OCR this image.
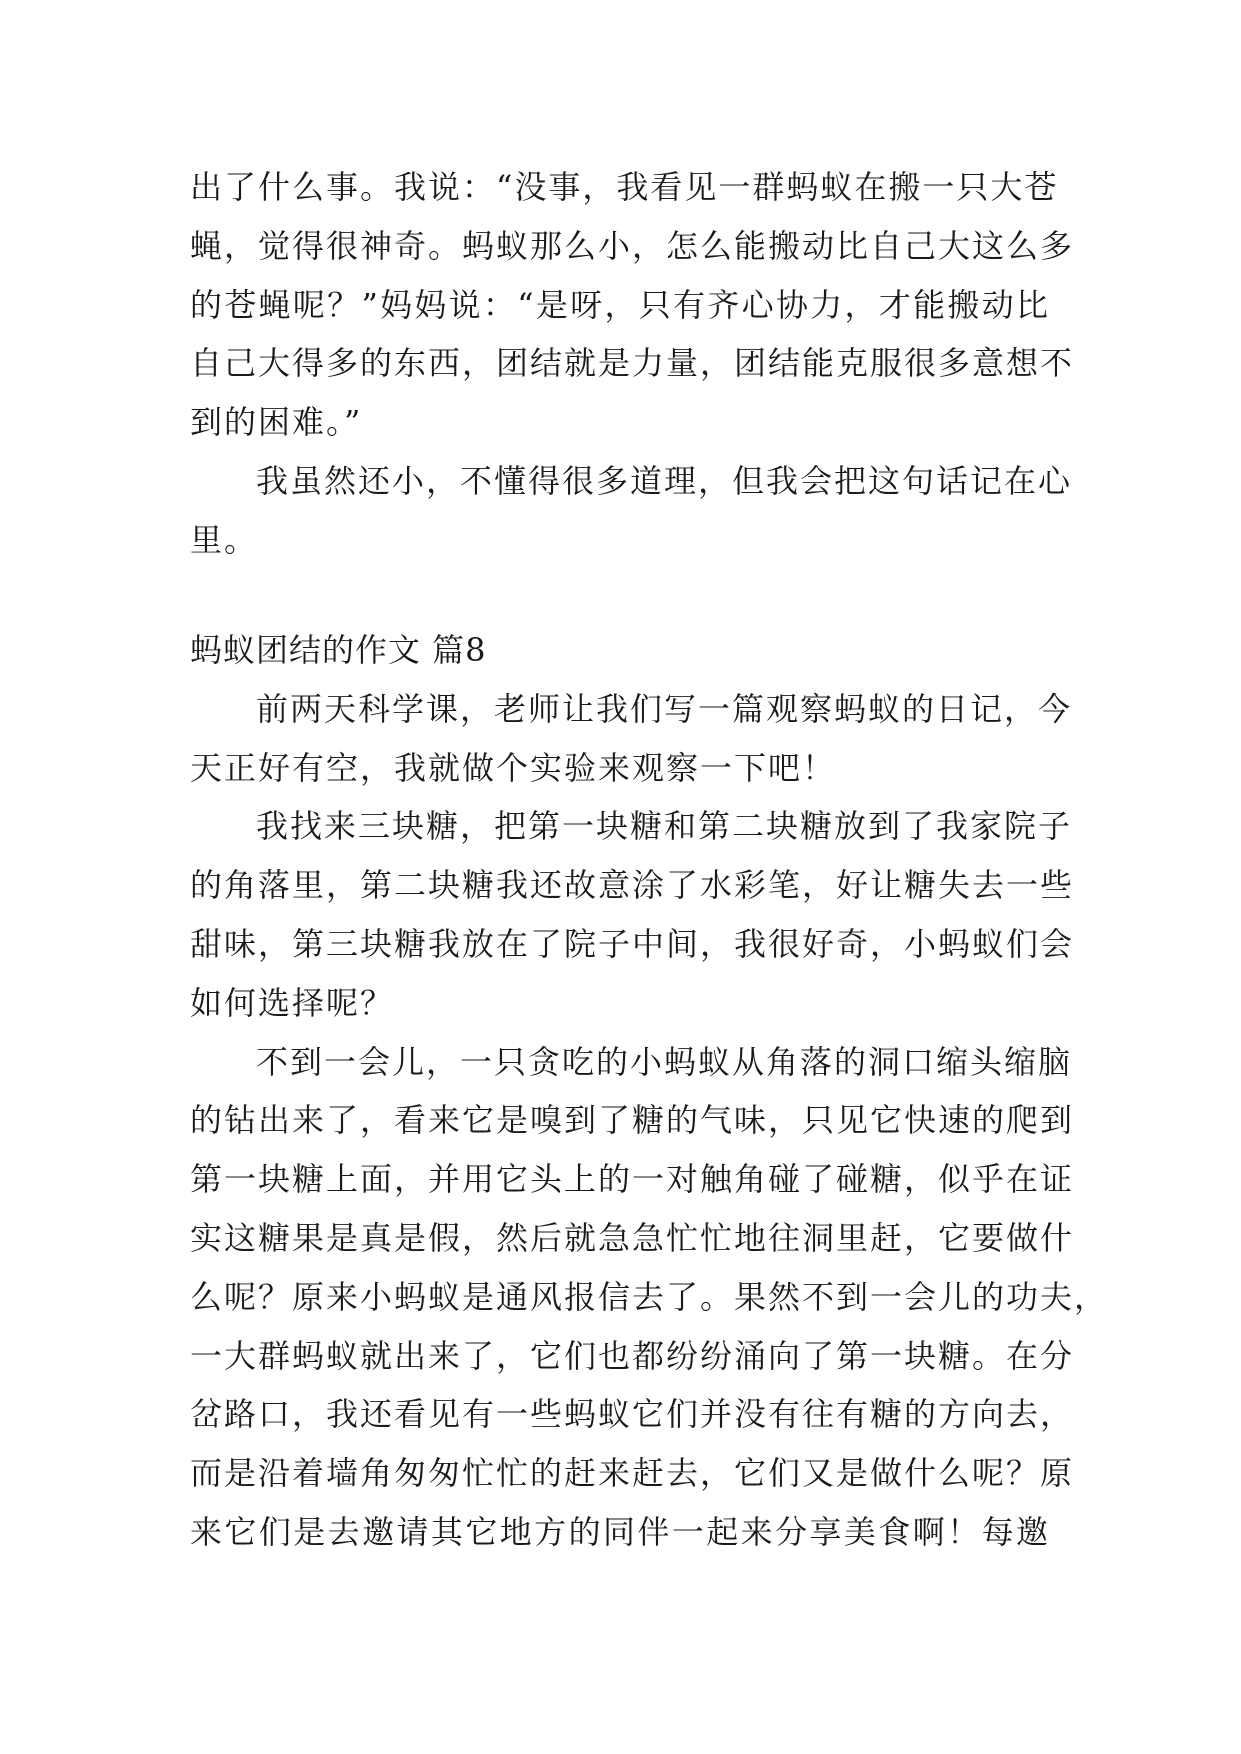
出了什么事。我说：“没事，我看见一群蚂蚁在搬一只大苍
蝇，觉得很神奇。蚂蚁那么小，怎么能搬动比自己大这么多
的苍蝇呢？”妈妈说：“是呀，只有齐心协力，才能搬动比
自己大得多的东西，团结就是力量，团结能克服很多意想不
到的困难。”
我虽然还小，不懂得很多道理，但我会把这句话记在心
里。
蚂蚁团结的作文 篇8
前两天科学课，老师让我们写一篇观察蚂蚁的日记，今
天正好有空，我就做个实验来观察一下吧！
我找来三块糖，把第一块糖和第二块糖放到了我家院子
的角落里，第二块糖我还故意涂了水彩笔，好让糖失去一些
甜味，第三块糖我放在了院子中间，我很好奇，小蚂蚁们会
如何选择呢？
不到一会儿，一只贪吃的小蚂蚁从角落的洞口缩头缩脑
的钻出来了，看来它是嗅到了糖的气味，只见它快速的爬到
第一块糖上面，并用它头上的一对触角碰了碰糖，似乎在证
实这糖果是真是假，然后就急急忙忙地往洞里赶，它要做什
么呢？原来小蚂蚁是通风报信去了。果然不到一会儿的功夫，
一大群蚂蚁就出来了，它们也都纷纷涌向了第一块糖。在分
岔路口，我还看见有一些蚂蚁它们并没有往有糖的方向去，
而是沿着墙角匆匆忙忙的赶来赶去，它们又是做什么呢？原
来它们是去邀请其它地方的同伴一起来分享美食啊！每邀
